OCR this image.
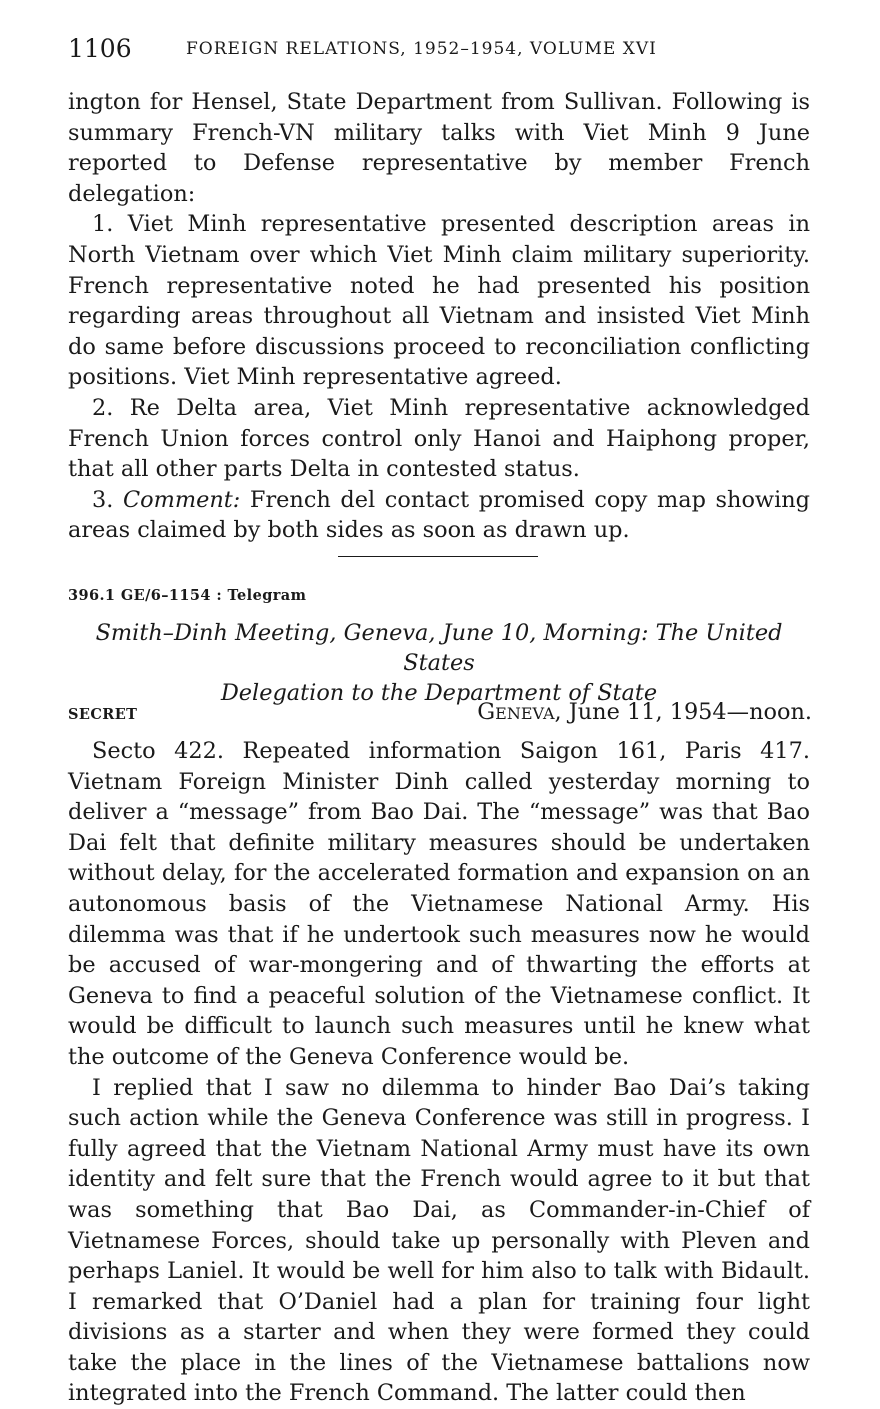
1106	FOREIGN RELATIONS, 1952–1954, VOLUME XVI

ington for Hensel, State Department from Sullivan. Following is summary French-VN military talks with Viet Minh 9 June reported to Defense representative by member French delegation:

1. Viet Minh representative presented description areas in North Vietnam over which Viet Minh claim military superiority. French representative noted he had presented his position regarding areas throughout all Vietnam and insisted Viet Minh do same before discussions proceed to reconciliation conflicting positions. Viet Minh representative agreed.

2. Re Delta area, Viet Minh representative acknowledged French Union forces control only Hanoi and Haiphong proper, that all other parts Delta in contested status.

3. Comment: French del contact promised copy map showing areas claimed by both sides as soon as drawn up.

396.1 GE/6–1154 : Telegram
Smith–Dinh Meeting, Geneva, June 10, Morning: The United States
Delegation to the Department of State
SECRET	Geneva, June 11, 1954—noon.

Secto 422. Repeated information Saigon 161, Paris 417. Vietnam Foreign Minister Dinh called yesterday morning to deliver a “message” from Bao Dai. The “message” was that Bao Dai felt that definite military measures should be undertaken without delay, for the accelerated formation and expansion on an autonomous basis of the Vietnamese National Army. His dilemma was that if he undertook such measures now he would be accused of war-mongering and of thwarting the efforts at Geneva to find a peaceful solution of the Vietnamese conflict. It would be difficult to launch such measures until he knew what the outcome of the Geneva Conference would be.

I replied that I saw no dilemma to hinder Bao Dai’s taking such action while the Geneva Conference was still in progress. I fully agreed that the Vietnam National Army must have its own identity and felt sure that the French would agree to it but that was something that Bao Dai, as Commander-in-Chief of Vietnamese Forces, should take up personally with Pleven and perhaps Laniel. It would be well for him also to talk with Bidault. I remarked that O’Daniel had a plan for training four light divisions as a starter and when they were formed they could take the place in the lines of the Vietnamese battalions now integrated into the French Command. The latter could then
